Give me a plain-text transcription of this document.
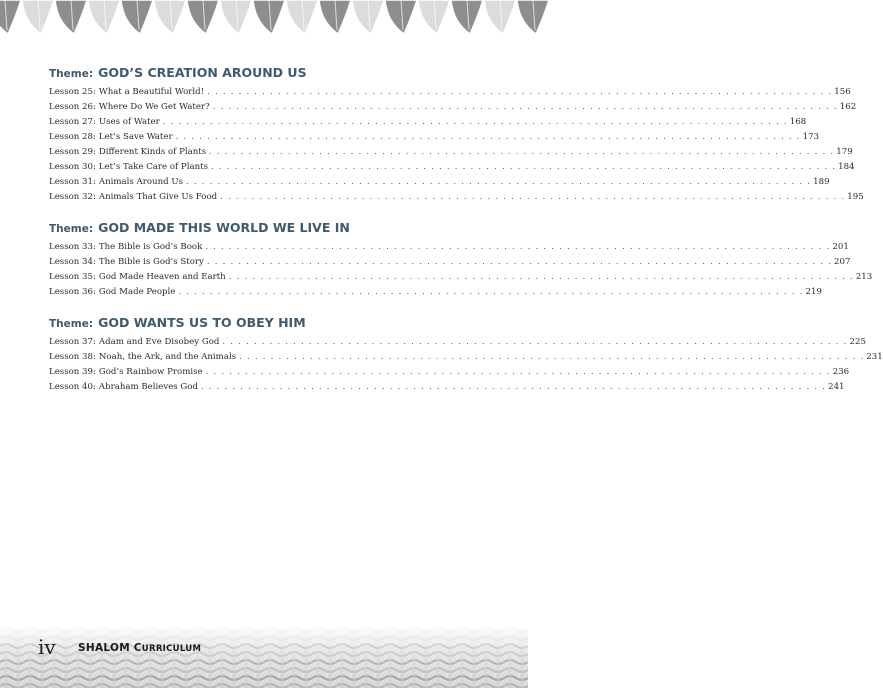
Theme: GOD’S CREATION AROUND US
Lesson 25: What a Beautiful World! . . . . . . . . . . . . . . . . . . . . . . . . . . . . . . . . . . . . . . . . . . . . . . . . . . . . . . . . . . . . . . . . . . . . . . . . . . . . . . . . 156
Lesson 26: Where Do We Get Water? . . . . . . . . . . . . . . . . . . . . . . . . . . . . . . . . . . . . . . . . . . . . . . . . . . . . . . . . . . . . . . . . . . . . . . . . . . . . . . . . 162
Lesson 27: Uses of Water . . . . . . . . . . . . . . . . . . . . . . . . . . . . . . . . . . . . . . . . . . . . . . . . . . . . . . . . . . . . . . . . . . . . . . . . . . . . . . . . 168
Lesson 28: Let’s Save Water . . . . . . . . . . . . . . . . . . . . . . . . . . . . . . . . . . . . . . . . . . . . . . . . . . . . . . . . . . . . . . . . . . . . . . . . . . . . . . . . 173
Lesson 29: Different Kinds of Plants . . . . . . . . . . . . . . . . . . . . . . . . . . . . . . . . . . . . . . . . . . . . . . . . . . . . . . . . . . . . . . . . . . . . . . . . . . . . . . . . 179
Lesson 30: Let’s Take Care of Plants . . . . . . . . . . . . . . . . . . . . . . . . . . . . . . . . . . . . . . . . . . . . . . . . . . . . . . . . . . . . . . . . . . . . . . . . . . . . . . . . 184
Lesson 31: Animals Around Us . . . . . . . . . . . . . . . . . . . . . . . . . . . . . . . . . . . . . . . . . . . . . . . . . . . . . . . . . . . . . . . . . . . . . . . . . . . . . . . . 189
Lesson 32: Animals That Give Us Food . . . . . . . . . . . . . . . . . . . . . . . . . . . . . . . . . . . . . . . . . . . . . . . . . . . . . . . . . . . . . . . . . . . . . . . . . . . . . . . . 195
Theme: GOD MADE THIS WORLD WE LIVE IN
Lesson 33: The Bible is God’s Book . . . . . . . . . . . . . . . . . . . . . . . . . . . . . . . . . . . . . . . . . . . . . . . . . . . . . . . . . . . . . . . . . . . . . . . . . . . . . . . . 201
Lesson 34: The Bible is God’s Story . . . . . . . . . . . . . . . . . . . . . . . . . . . . . . . . . . . . . . . . . . . . . . . . . . . . . . . . . . . . . . . . . . . . . . . . . . . . . . . . 207
Lesson 35: God Made Heaven and Earth . . . . . . . . . . . . . . . . . . . . . . . . . . . . . . . . . . . . . . . . . . . . . . . . . . . . . . . . . . . . . . . . . . . . . . . . . . . . . . . . 213
Lesson 36: God Made People . . . . . . . . . . . . . . . . . . . . . . . . . . . . . . . . . . . . . . . . . . . . . . . . . . . . . . . . . . . . . . . . . . . . . . . . . . . . . . . . 219
Theme: GOD WANTS US TO OBEY HIM
Lesson 37: Adam and Eve Disobey God . . . . . . . . . . . . . . . . . . . . . . . . . . . . . . . . . . . . . . . . . . . . . . . . . . . . . . . . . . . . . . . . . . . . . . . . . . . . . . . . 225
Lesson 38: Noah, the Ark, and the Animals . . . . . . . . . . . . . . . . . . . . . . . . . . . . . . . . . . . . . . . . . . . . . . . . . . . . . . . . . . . . . . . . . . . . . . . . . . . . . . . . 231
Lesson 39: God’s Rainbow Promise . . . . . . . . . . . . . . . . . . . . . . . . . . . . . . . . . . . . . . . . . . . . . . . . . . . . . . . . . . . . . . . . . . . . . . . . . . . . . . . . 236
Lesson 40: Abraham Believes God . . . . . . . . . . . . . . . . . . . . . . . . . . . . . . . . . . . . . . . . . . . . . . . . . . . . . . . . . . . . . . . . . . . . . . . . . . . . . . . . 241
iv SHALOM CURRICULUM
